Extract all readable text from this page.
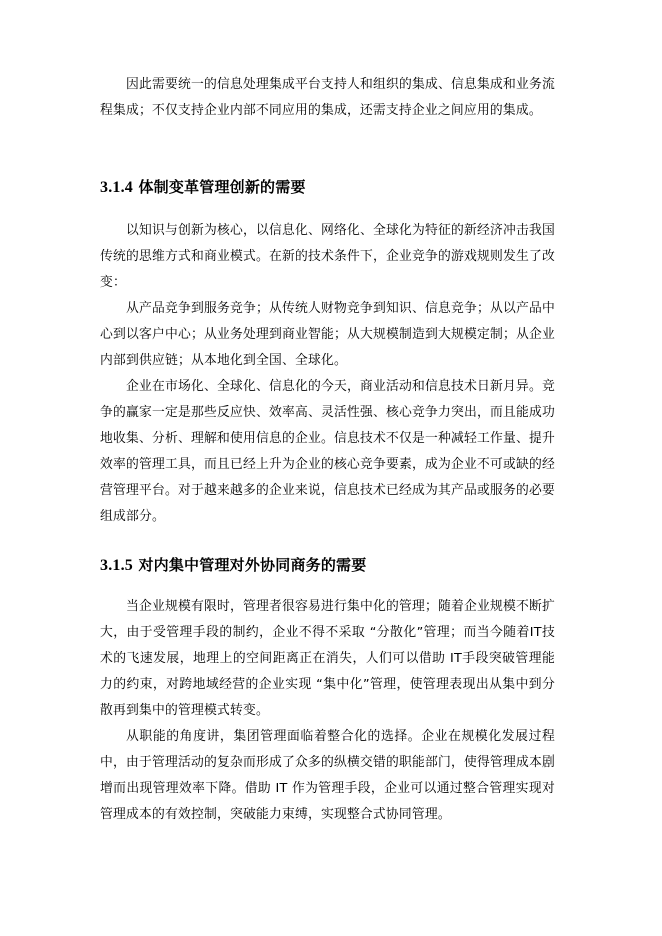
因此需要统一的信息处理集成平台支持人和组织的集成、信息集成和业务流程集成；不仅支持企业内部不同应用的集成，还需支持企业之间应用的集成。

3.1.4 体制变革管理创新的需要

以知识与创新为核心，以信息化、网络化、全球化为特征的新经济冲击我国传统的思维方式和商业模式。在新的技术条件下，企业竞争的游戏规则发生了改变：

从产品竞争到服务竞争；从传统人财物竞争到知识、信息竞争；从以产品中心到以客户中心；从业务处理到商业智能；从大规模制造到大规模定制；从企业内部到供应链；从本地化到全国、全球化。

企业在市场化、全球化、信息化的今天，商业活动和信息技术日新月异。竞争的赢家一定是那些反应快、效率高、灵活性强、核心竞争力突出，而且能成功地收集、分析、理解和使用信息的企业。信息技术不仅是一种减轻工作量、提升效率的管理工具，而且已经上升为企业的核心竞争要素，成为企业不可或缺的经营管理平台。对于越来越多的企业来说，信息技术已经成为其产品或服务的必要组成部分。

3.1.5 对内集中管理对外协同商务的需要

当企业规模有限时，管理者很容易进行集中化的管理；随着企业规模不断扩大，由于受管理手段的制约，企业不得不采取 “分散化”管理；而当今随着IT技术的飞速发展，地理上的空间距离正在消失，人们可以借助 IT手段突破管理能力的约束，对跨地域经营的企业实现 “集中化”管理，使管理表现出从集中到分散再到集中的管理模式转变。

从职能的角度讲，集团管理面临着整合化的选择。企业在规模化发展过程中，由于管理活动的复杂而形成了众多的纵横交错的职能部门，使得管理成本剧增而出现管理效率下降。借助 IT 作为管理手段，企业可以通过整合管理实现对管理成本的有效控制，突破能力束缚，实现整合式协同管理。
